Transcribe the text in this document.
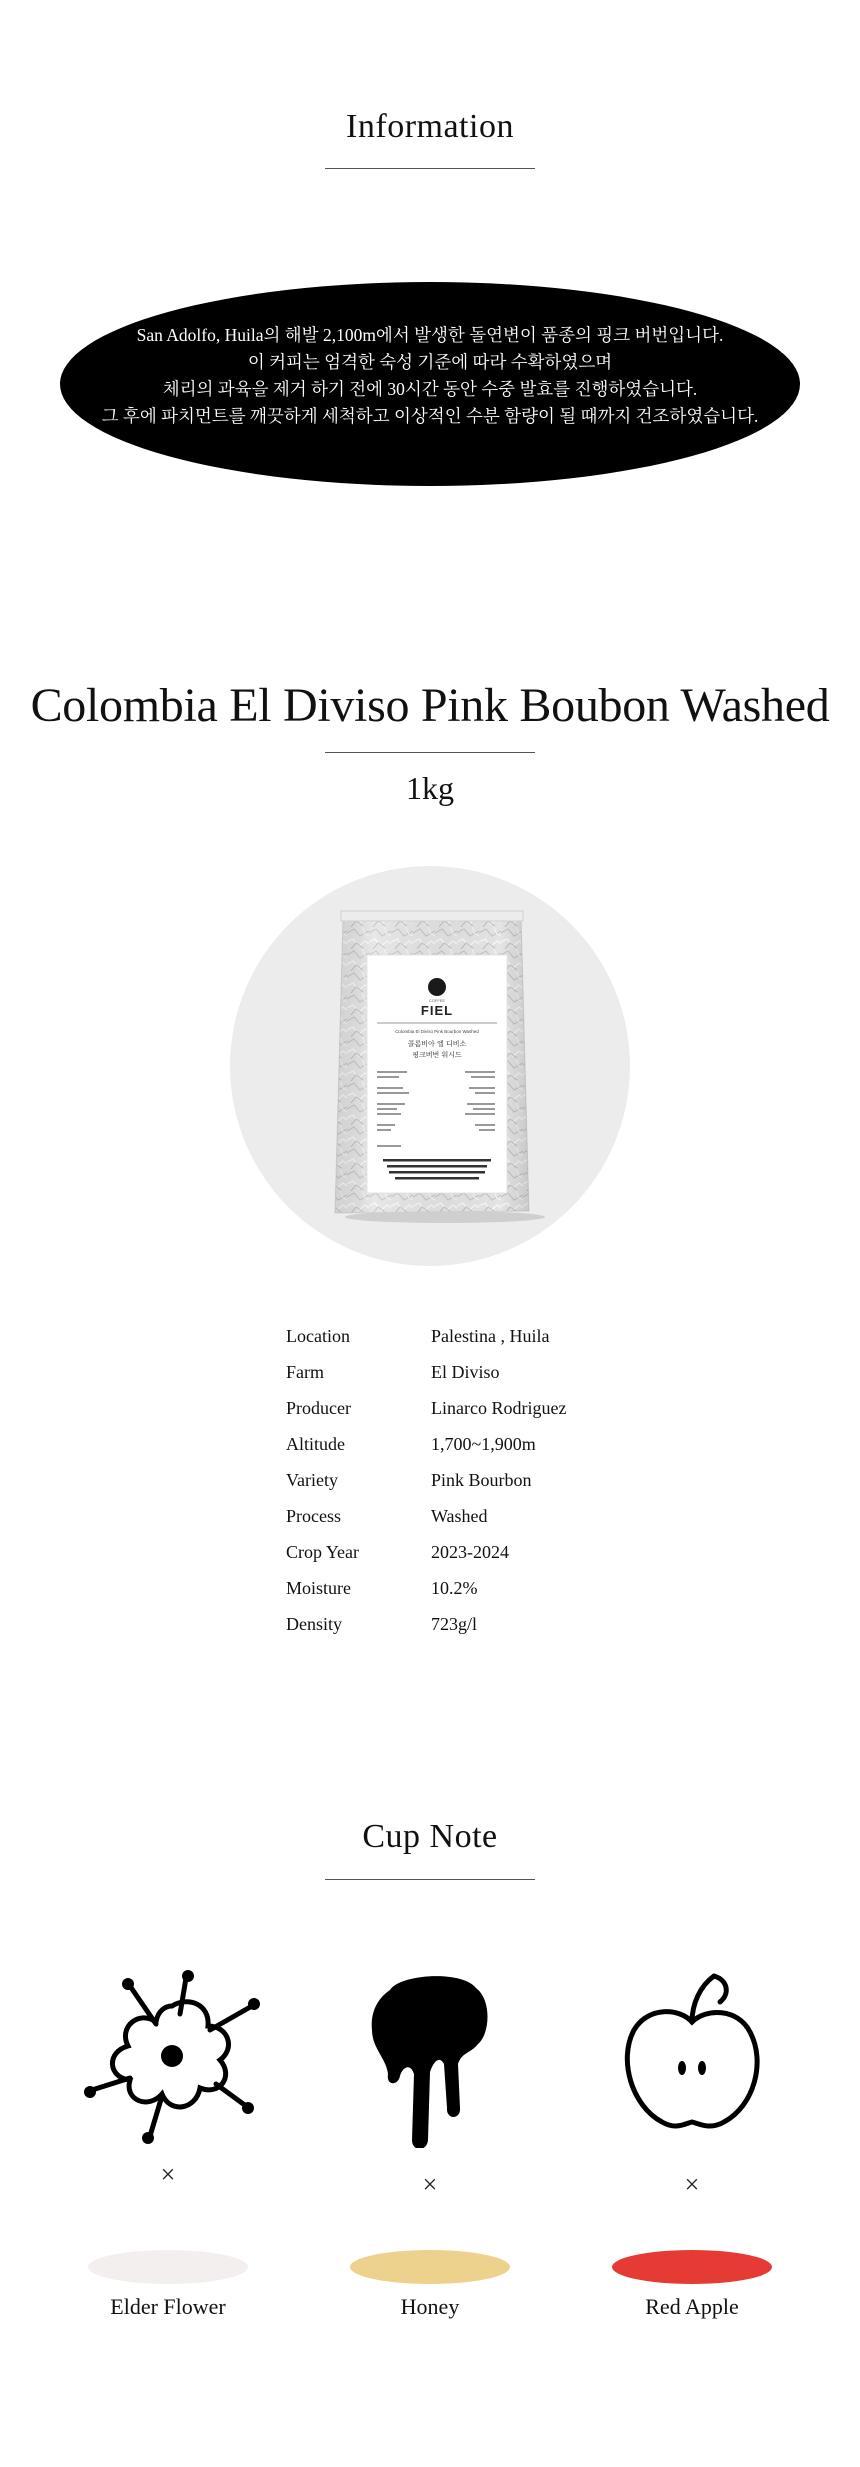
Information
San Adolfo, Huila의 해발 2,100m에서 발생한 돌연변이 품종의 핑크 버번입니다.
이 커피는 엄격한 숙성 기준에 따라 수확하였으며
체리의 과육을 제거 하기 전에 30시간 동안 수중 발효를 진행하였습니다.
그 후에 파치먼트를 깨끗하게 세척하고 이상적인 수분 함량이 될 때까지 건조하였습니다.
Colombia El Diviso Pink Boubon Washed
1kg
COFFEE
FIEL
Colombia El Diviso Pink Bourbon Washed
콜롬비아 엘 디비소
핑크버번 워시드
Location	Palestina , Huila
Farm	El Diviso
Producer	Linarco Rodriguez
Altitude	1,700~1,900m
Variety	Pink Bourbon
Process	Washed
Crop Year	2023-2024
Moisture	10.2%
Density	723g/l
Cup Note
×	×	×
Elder Flower	Honey	Red Apple
